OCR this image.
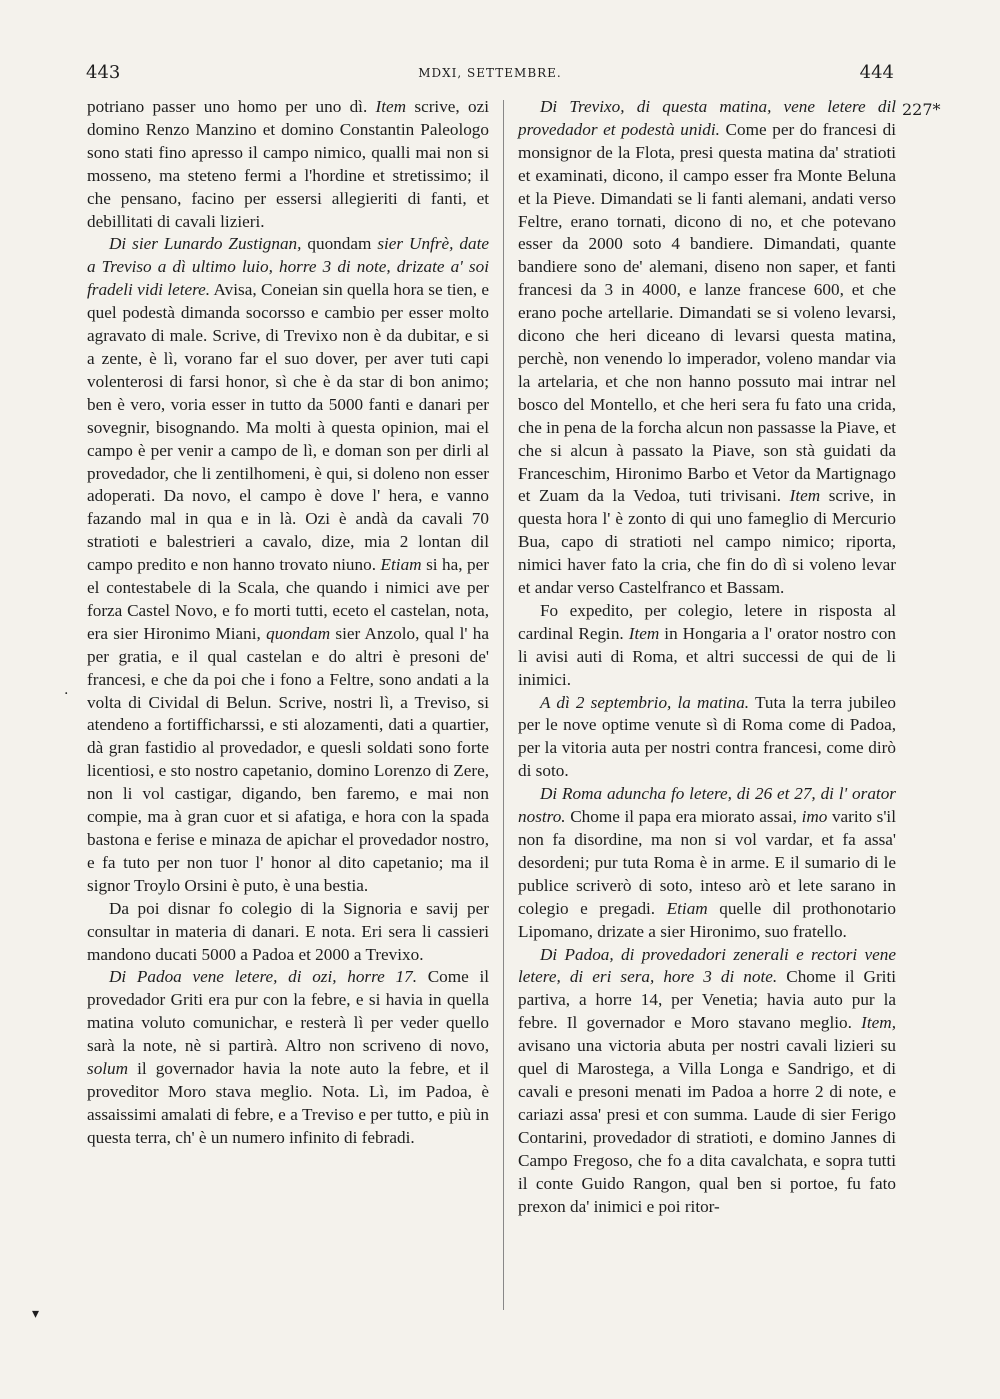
443	MDXI, SETTEMBRE.	444
227*

potriano passer uno homo per uno dì. Item scrive, ozi domino Renzo Manzino et domino Constantin Paleologo sono stati fino apresso il campo nimico, qualli mai non si mosseno, ma steteno fermi a l'hordine et stretissimo; il che pensano, facino per essersi allegieriti di fanti, et debillitati di cavali lizieri.

Di sier Lunardo Zustignan, quondam sier Unfrè, date a Treviso a dì ultimo luio, horre 3 di note, drizate a' soi fradeli vidi letere. Avisa, Coneian sin quella hora se tien, e quel podestà dimanda socorsso e cambio per esser molto agravato di male. Scrive, di Trevixo non è da dubitar, e si a zente, è lì, vorano far el suo dover, per aver tuti capi volenterosi di farsi honor, sì che è da star di bon animo; ben è vero, voria esser in tutto da 5000 fanti e danari per sovegnir, bisognando. Ma molti à questa opinion, mai el campo è per venir a campo de lì, e doman son per dirli al provedador, che li zentilhomeni, è qui, si doleno non esser adoperati. Da novo, el campo è dove l' hera, e vanno fazando mal in qua e in là. Ozi è andà da cavali 70 stratioti e balestrieri a cavalo, dize, mia 2 lontan dil campo predito e non hanno trovato niuno. Etiam si ha, per el contestabele di la Scala, che quando i nimici ave per forza Castel Novo, e fo morti tutti, eceto el castelan, nota, era sier Hironimo Miani, quondam sier Anzolo, qual l' ha per gratia, e il qual castelan e do altri è presoni de' francesi, e che da poi che i fono a Feltre, sono andati a la volta di Cividal di Belun. Scrive, nostri lì, a Treviso, si atendeno a fortifficharssi, e sti alozamenti, dati a quartier, dà gran fastidio al provedador, e quesli soldati sono forte licentiosi, e sto nostro capetanio, domino Lorenzo di Zere, non li vol castigar, digando, ben faremo, e mai non compie, ma à gran cuor et si afatiga, e hora con la spada bastona e ferise e minaza de apichar el provedador nostro, e fa tuto per non tuor l' honor al dito capetanio; ma il signor Troylo Orsini è puto, è una bestia.

Da poi disnar fo colegio di la Signoria e savij per consultar in materia di danari. E nota. Eri sera li cassieri mandono ducati 5000 a Padoa et 2000 a Trevixo.

Di Padoa vene letere, di ozi, horre 17. Come il provedador Griti era pur con la febre, e si havia in quella matina voluto comunichar, e resterà lì per veder quello sarà la note, nè si partirà. Altro non scriveno di novo, solum il governador havia la note auto la febre, et il proveditor Moro stava meglio. Nota. Lì, im Padoa, è assaissimi amalati di febre, e a Treviso e per tutto, e più in questa terra, ch' è un numero infinito di febradi.

Di Trevixo, di questa matina, vene letere dil provedador et podestà unidi. Come per do francesi di monsignor de la Flota, presi questa matina da' stratioti et examinati, dicono, il campo esser fra Monte Beluna et la Pieve. Dimandati se li fanti alemani, andati verso Feltre, erano tornati, dicono di no, et che potevano esser da 2000 soto 4 bandiere. Dimandati, quante bandiere sono de' alemani, diseno non saper, et fanti francesi da 3 in 4000, e lanze francese 600, et che erano poche artellarie. Dimandati se si voleno levarsi, dicono che heri diceano di levarsi questa matina, perchè, non venendo lo imperador, voleno mandar via la artelaria, et che non hanno possuto mai intrar nel bosco del Montello, et che heri sera fu fato una crida, che in pena de la forcha alcun non passasse la Piave, et che si alcun à passato la Piave, son stà guidati da Franceschim, Hironimo Barbo et Vetor da Martignago et Zuam da la Vedoa, tuti trivisani. Item scrive, in questa hora l' è zonto di qui uno fameglio di Mercurio Bua, capo di stratioti nel campo nimico; riporta, nimici haver fato la cria, che fin do dì si voleno levar et andar verso Castelfranco et Bassam.

Fo expedito, per colegio, letere in risposta al cardinal Regin. Item in Hongaria a l' orator nostro con li avisi auti di Roma, et altri successi de qui de li inimici.

A dì 2 septembrio, la matina. Tuta la terra jubileo per le nove optime venute sì di Roma come di Padoa, per la vitoria auta per nostri contra francesi, come dirò di soto.

Di Roma aduncha fo letere, di 26 et 27, di l' orator nostro. Chome il papa era miorato assai, imo varito s'il non fa disordine, ma non si vol vardar, et fa assa' desordeni; pur tuta Roma è in arme. E il sumario di le publice scriverò di soto, inteso arò et lete sarano in colegio e pregadi. Etiam quelle dil prothonotario Lipomano, drizate a sier Hironimo, suo fratello.

Di Padoa, di provedadori zenerali e rectori vene letere, di eri sera, hore 3 di note. Chome il Griti partiva, a horre 14, per Venetia; havia auto pur la febre. Il governador e Moro stavano meglio. Item, avisano una victoria abuta per nostri cavali lizieri su quel di Marostega, a Villa Longa e Sandrigo, et di cavali e presoni menati im Padoa a horre 2 di note, e cariazi assa' presi et con summa. Laude di sier Ferigo Contarini, provedador di stratioti, e domino Jannes di Campo Fregoso, che fo a dita cavalchata, e sopra tutti il conte Guido Rangon, qual ben si portoe, fu fato prexon da' inimici e poi ritor-

.
▾
